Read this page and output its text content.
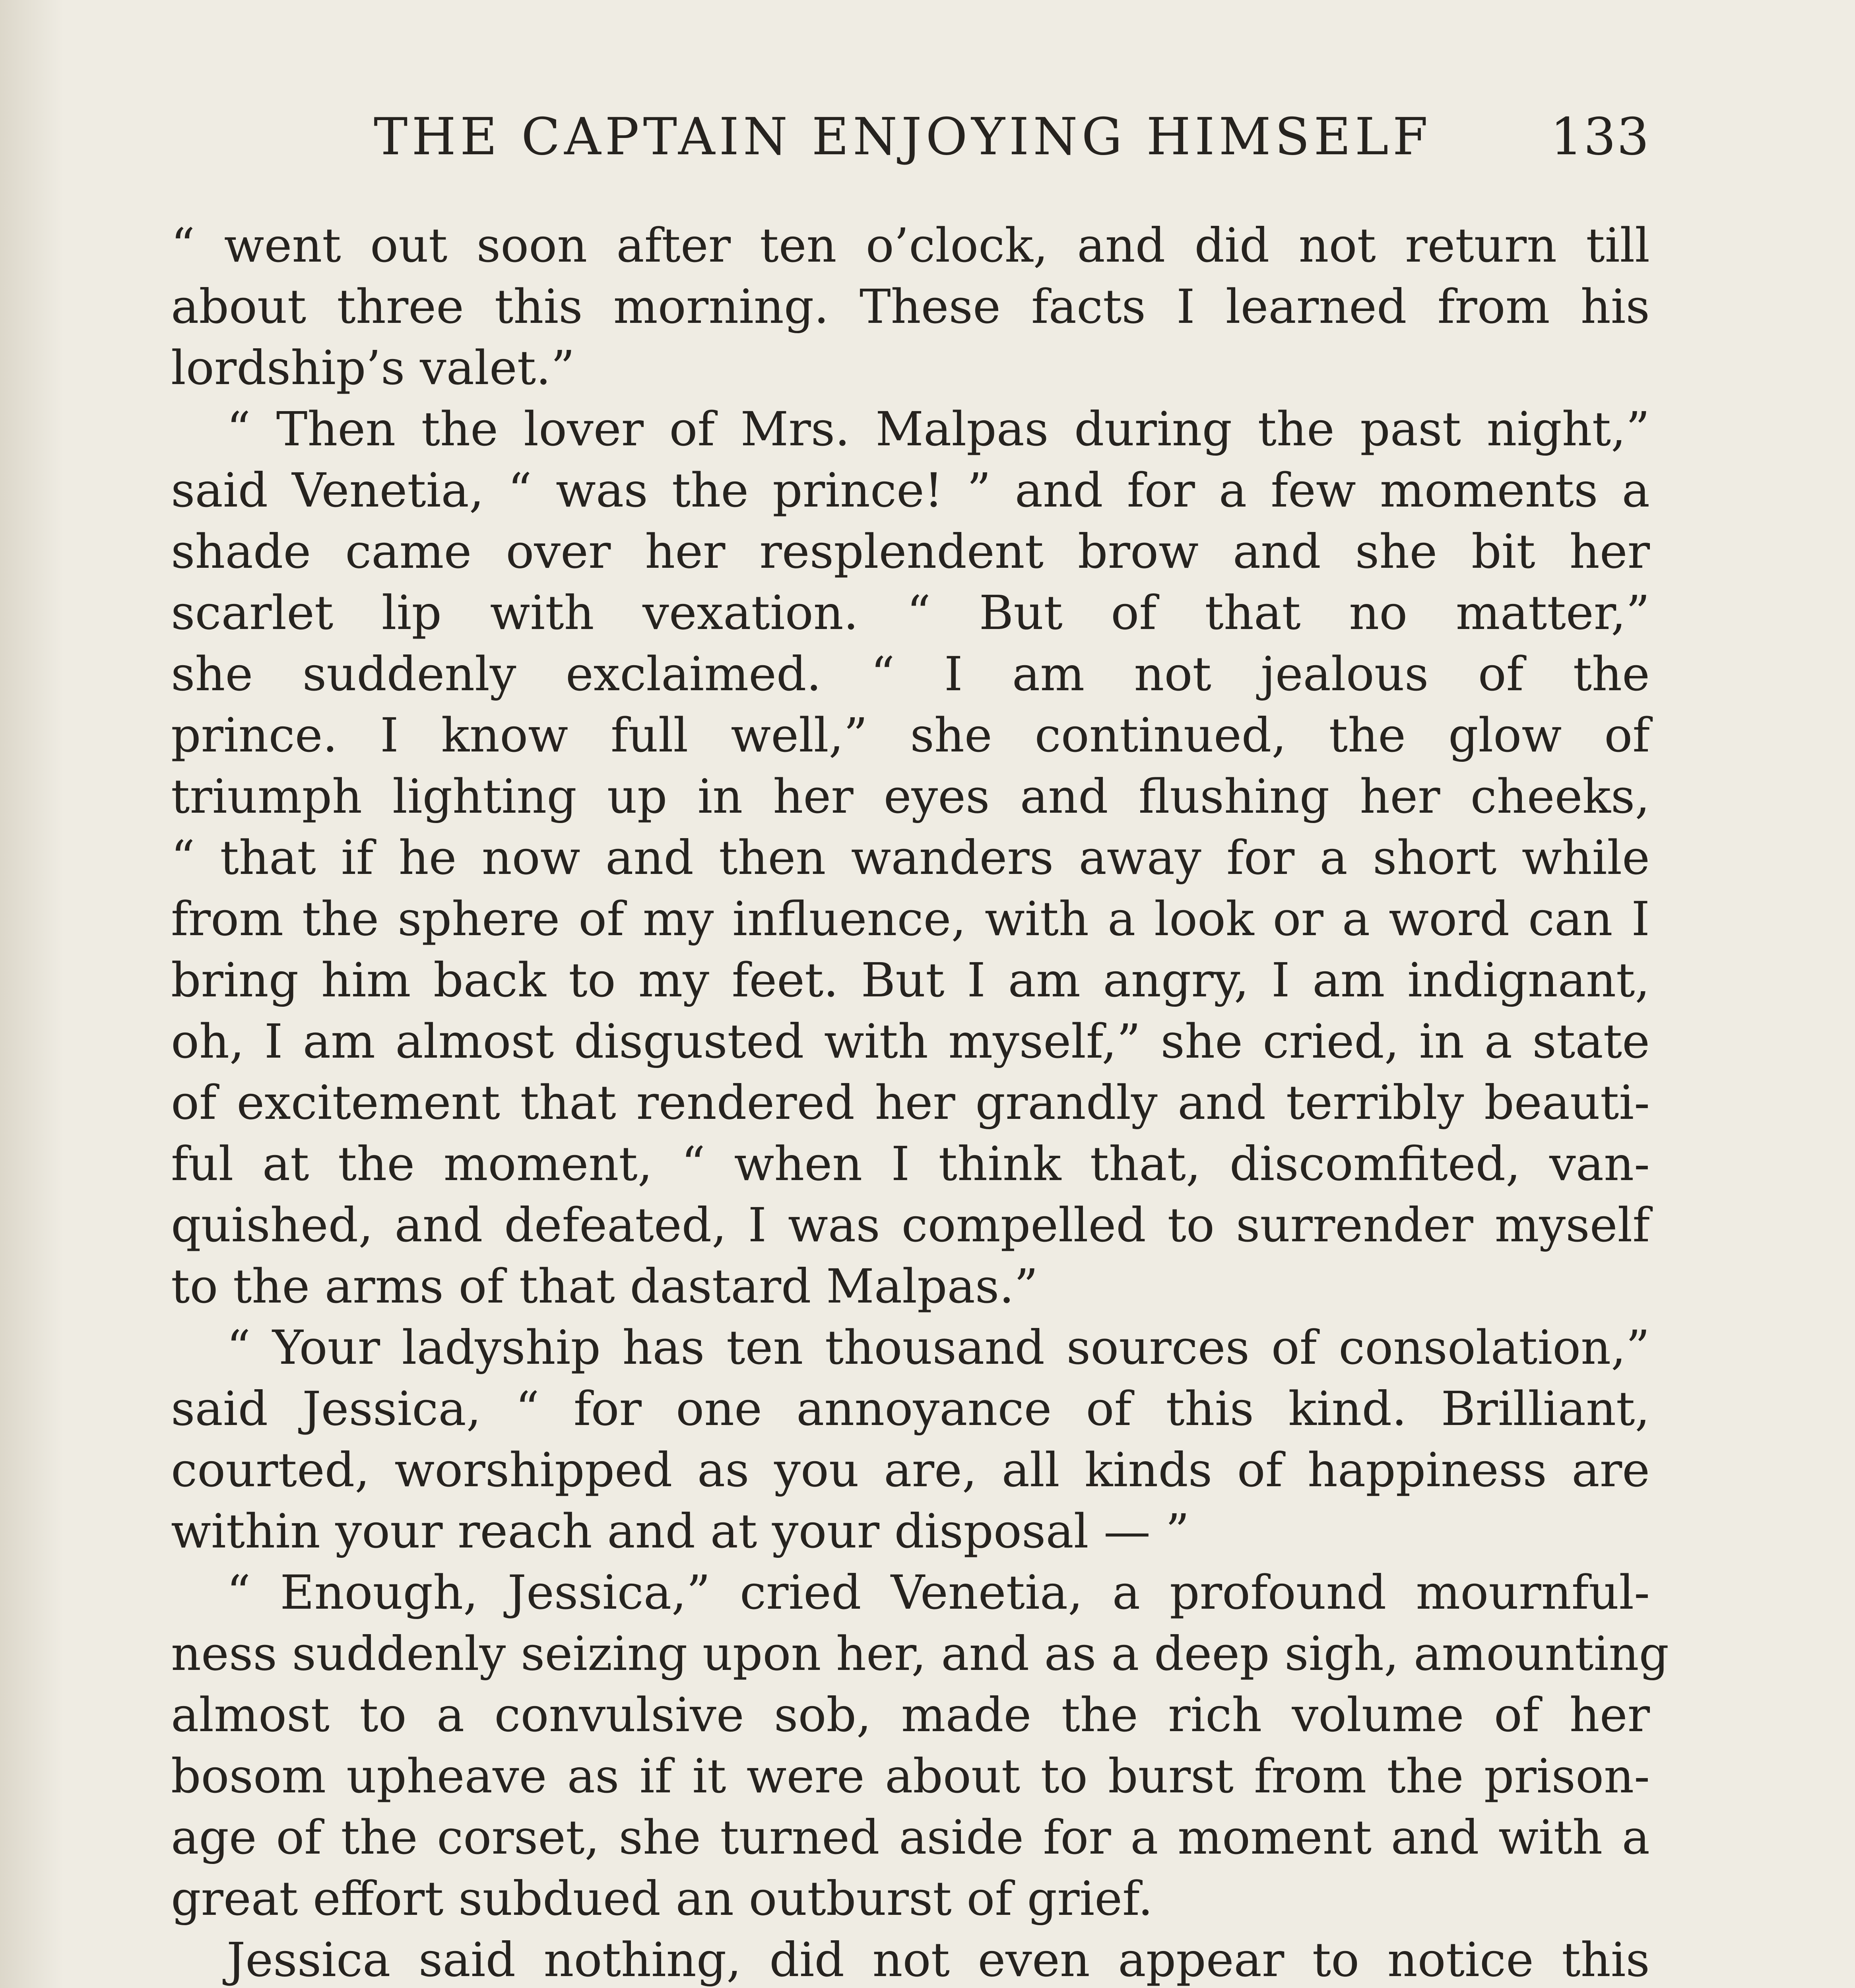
THE CAPTAIN ENJOYING HIMSELF 133
“ went out soon after ten o’clock, and did not return till
about three this morning. These facts I learned from his
lordship’s valet.”
“ Then the lover of Mrs. Malpas during the past night,”
said Venetia, “ was the prince! ” and for a few moments a
shade came over her resplendent brow and she bit her
scarlet lip with vexation. “ But of that no matter,”
she suddenly exclaimed. “ I am not jealous of the
prince. I know full well,” she continued, the glow of
triumph lighting up in her eyes and flushing her cheeks,
“ that if he now and then wanders away for a short while
from the sphere of my influence, with a look or a word can I
bring him back to my feet. But I am angry, I am indignant,
oh, I am almost disgusted with myself,” she cried, in a state
of excitement that rendered her grandly and terribly beauti-
ful at the moment, “ when I think that, discomfited, van-
quished, and defeated, I was compelled to surrender myself
to the arms of that dastard Malpas.”
“ Your ladyship has ten thousand sources of consolation,”
said Jessica, “ for one annoyance of this kind. Brilliant,
courted, worshipped as you are, all kinds of happiness are
within your reach and at your disposal — ”
“ Enough, Jessica,” cried Venetia, a profound mournful-
ness suddenly seizing upon her, and as a deep sigh, amounting
almost to a convulsive sob, made the rich volume of her
bosom upheave as if it were about to burst from the prison-
age of the corset, she turned aside for a moment and with a
great effort subdued an outburst of grief.
Jessica said nothing, did not even appear to notice this
